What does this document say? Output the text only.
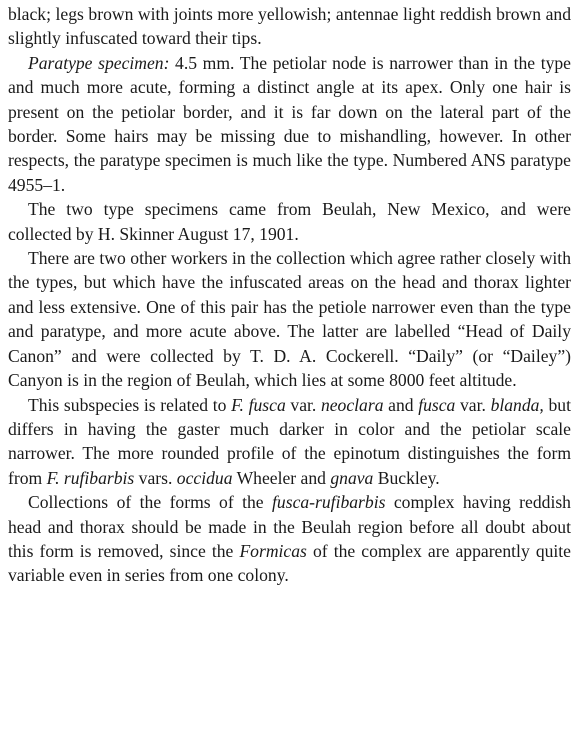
black; legs brown with joints more yellowish; antennae light reddish brown and slightly infuscated toward their tips.

Paratype specimen: 4.5 mm. The petiolar node is narrower than in the type and much more acute, forming a distinct angle at its apex. Only one hair is present on the petiolar border, and it is far down on the lateral part of the border. Some hairs may be missing due to mishandling, however. In other respects, the paratype specimen is much like the type. Numbered ANS paratype 4955–1.

The two type specimens came from Beulah, New Mexico, and were collected by H. Skinner August 17, 1901.

There are two other workers in the collection which agree rather closely with the types, but which have the infuscated areas on the head and thorax lighter and less extensive. One of this pair has the petiole narrower even than the type and paratype, and more acute above. The latter are labelled “Head of Daily Canon” and were collected by T. D. A. Cockerell. “Daily” (or “Dailey”) Canyon is in the region of Beulah, which lies at some 8000 feet altitude.

This subspecies is related to F. fusca var. neoclara and fusca var. blanda, but differs in having the gaster much darker in color and the petiolar scale narrower. The more rounded profile of the epinotum distinguishes the form from F. rufibarbis vars. occidua Wheeler and gnava Buckley.

Collections of the forms of the fusca-rufibarbis complex having reddish head and thorax should be made in the Beulah region before all doubt about this form is removed, since the Formicas of the complex are apparently quite variable even in series from one colony.
